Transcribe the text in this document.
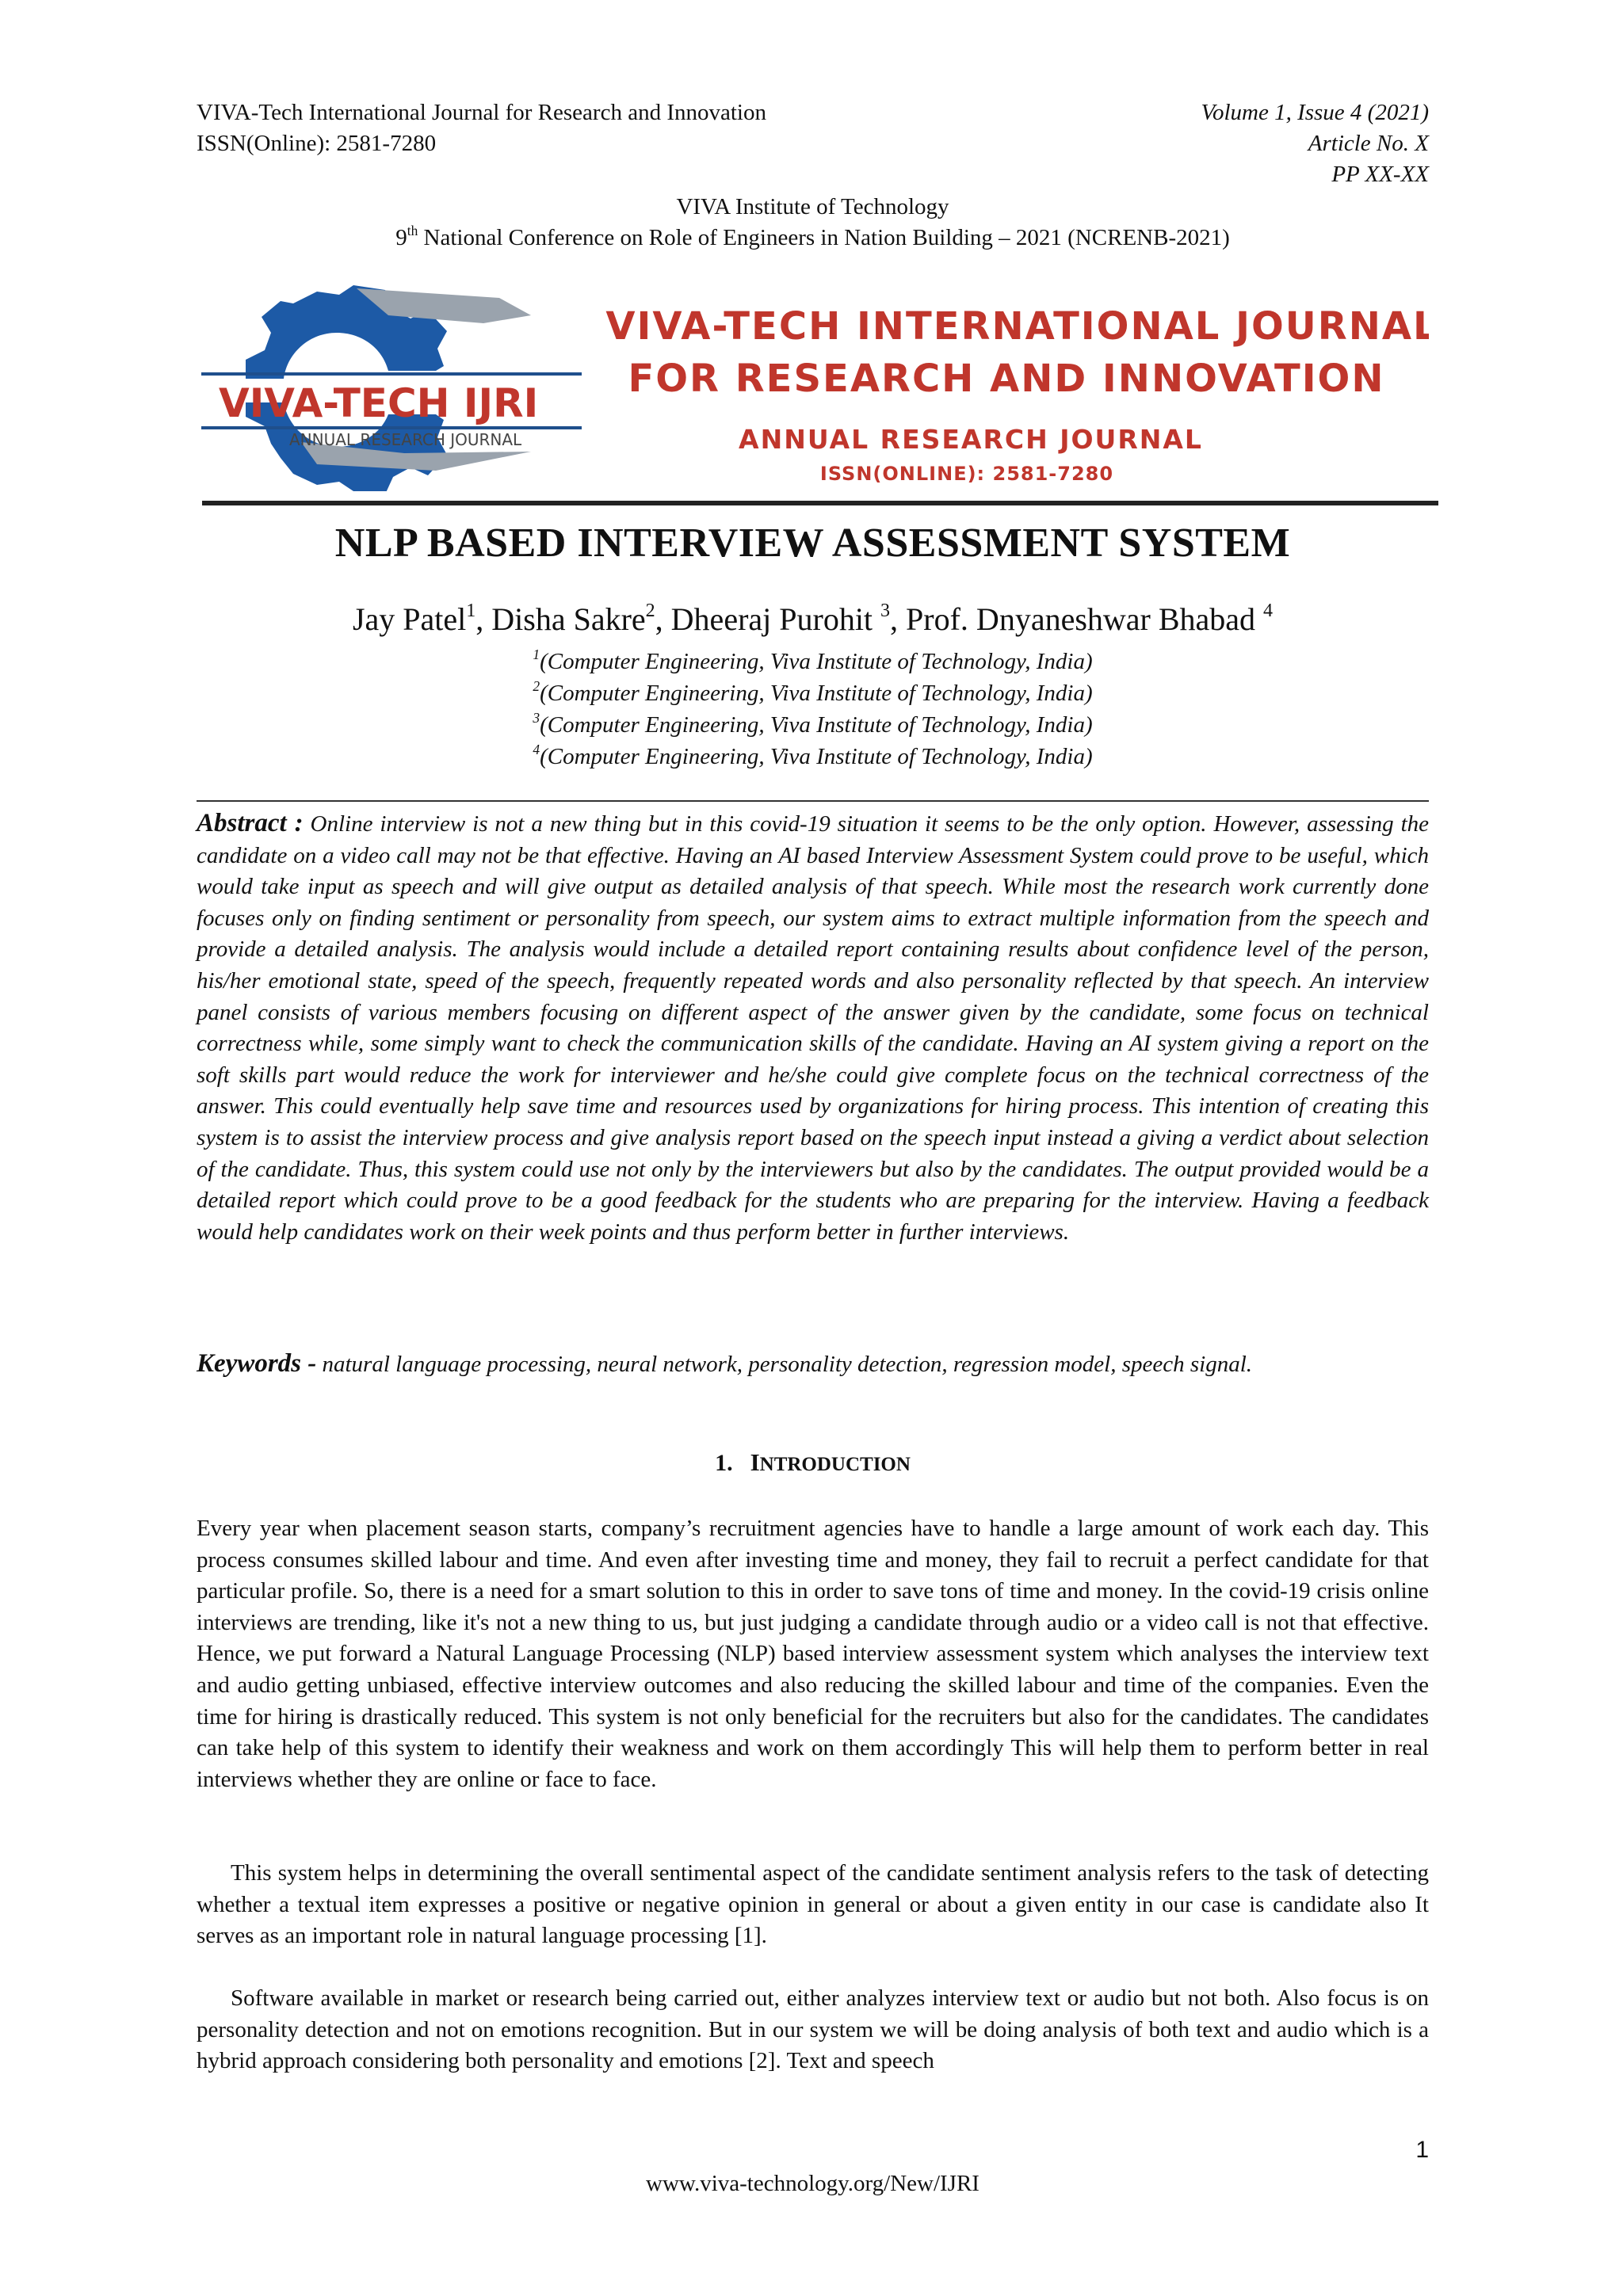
VIVA-Tech International Journal for Research and Innovation	Volume 1, Issue 4 (2021)
ISSN(Online): 2581-7280	Article No. X
PP XX-XX
VIVA Institute of Technology
9th National Conference on Role of Engineers in Nation Building – 2021 (NCRENB-2021)
VIVA-TECH IJRI
ANNUAL RESEARCH JOURNAL
VIVA-TECH INTERNATIONAL JOURNAL
FOR RESEARCH AND INNOVATION
ANNUAL RESEARCH JOURNAL
ISSN(ONLINE): 2581-7280
NLP BASED INTERVIEW ASSESSMENT SYSTEM
Jay Patel$^1$, Disha Sakre$^2$, Dheeraj Purohit $^3$, Prof. Dnyaneshwar Bhabad $^4$
$^1$(Computer Engineering, Viva Institute of Technology, India)
$^2$(Computer Engineering, Viva Institute of Technology, India)
$^3$(Computer Engineering, Viva Institute of Technology, India)
$^4$(Computer Engineering, Viva Institute of Technology, India)
Abstract : Online interview is not a new thing but in this covid-19 situation it seems to be the only option. However, assessing the candidate on a video call may not be that effective. Having an AI based Interview Assessment System could prove to be useful, which would take input as speech and will give output as detailed analysis of that speech. While most the research work currently done focuses only on finding sentiment or personality from speech, our system aims to extract multiple information from the speech and provide a detailed analysis. The analysis would include a detailed report containing results about confidence level of the person, his/her emotional state, speed of the speech, frequently repeated words and also personality reflected by that speech. An interview panel consists of various members focusing on different aspect of the answer given by the candidate, some focus on technical correctness while, some simply want to check the communication skills of the candidate. Having an AI system giving a report on the soft skills part would reduce the work for interviewer and he/she could give complete focus on the technical correctness of the answer. This could eventually help save time and resources used by organizations for hiring process. This intention of creating this system is to assist the interview process and give analysis report based on the speech input instead a giving a verdict about selection of the candidate. Thus, this system could use not only by the interviewers but also by the candidates. The output provided would be a detailed report which could prove to be a good feedback for the students who are preparing for the interview. Having a feedback would help candidates work on their week points and thus perform better in further interviews.
Keywords - natural language processing, neural network, personality detection, regression model, speech signal.
1. INTRODUCTION
Every year when placement season starts, company’s recruitment agencies have to handle a large amount of work each day. This process consumes skilled labour and time. And even after investing time and money, they fail to recruit a perfect candidate for that particular profile. So, there is a need for a smart solution to this in order to save tons of time and money. In the covid-19 crisis online interviews are trending, like it's not a new thing to us, but just judging a candidate through audio or a video call is not that effective. Hence, we put forward a Natural Language Processing (NLP) based interview assessment system which analyses the interview text and audio getting unbiased, effective interview outcomes and also reducing the skilled labour and time of the companies. Even the time for hiring is drastically reduced. This system is not only beneficial for the recruiters but also for the candidates. The candidates can take help of this system to identify their weakness and work on them accordingly This will help them to perform better in real interviews whether they are online or face to face.
This system helps in determining the overall sentimental aspect of the candidate sentiment analysis refers to the task of detecting whether a textual item expresses a positive or negative opinion in general or about a given entity in our case is candidate also It serves as an important role in natural language processing [1].
Software available in market or research being carried out, either analyzes interview text or audio but not both. Also focus is on personality detection and not on emotions recognition. But in our system we will be doing analysis of both text and audio which is a hybrid approach considering both personality and emotions [2]. Text and speech
1
www.viva-technology.org/New/IJRI
